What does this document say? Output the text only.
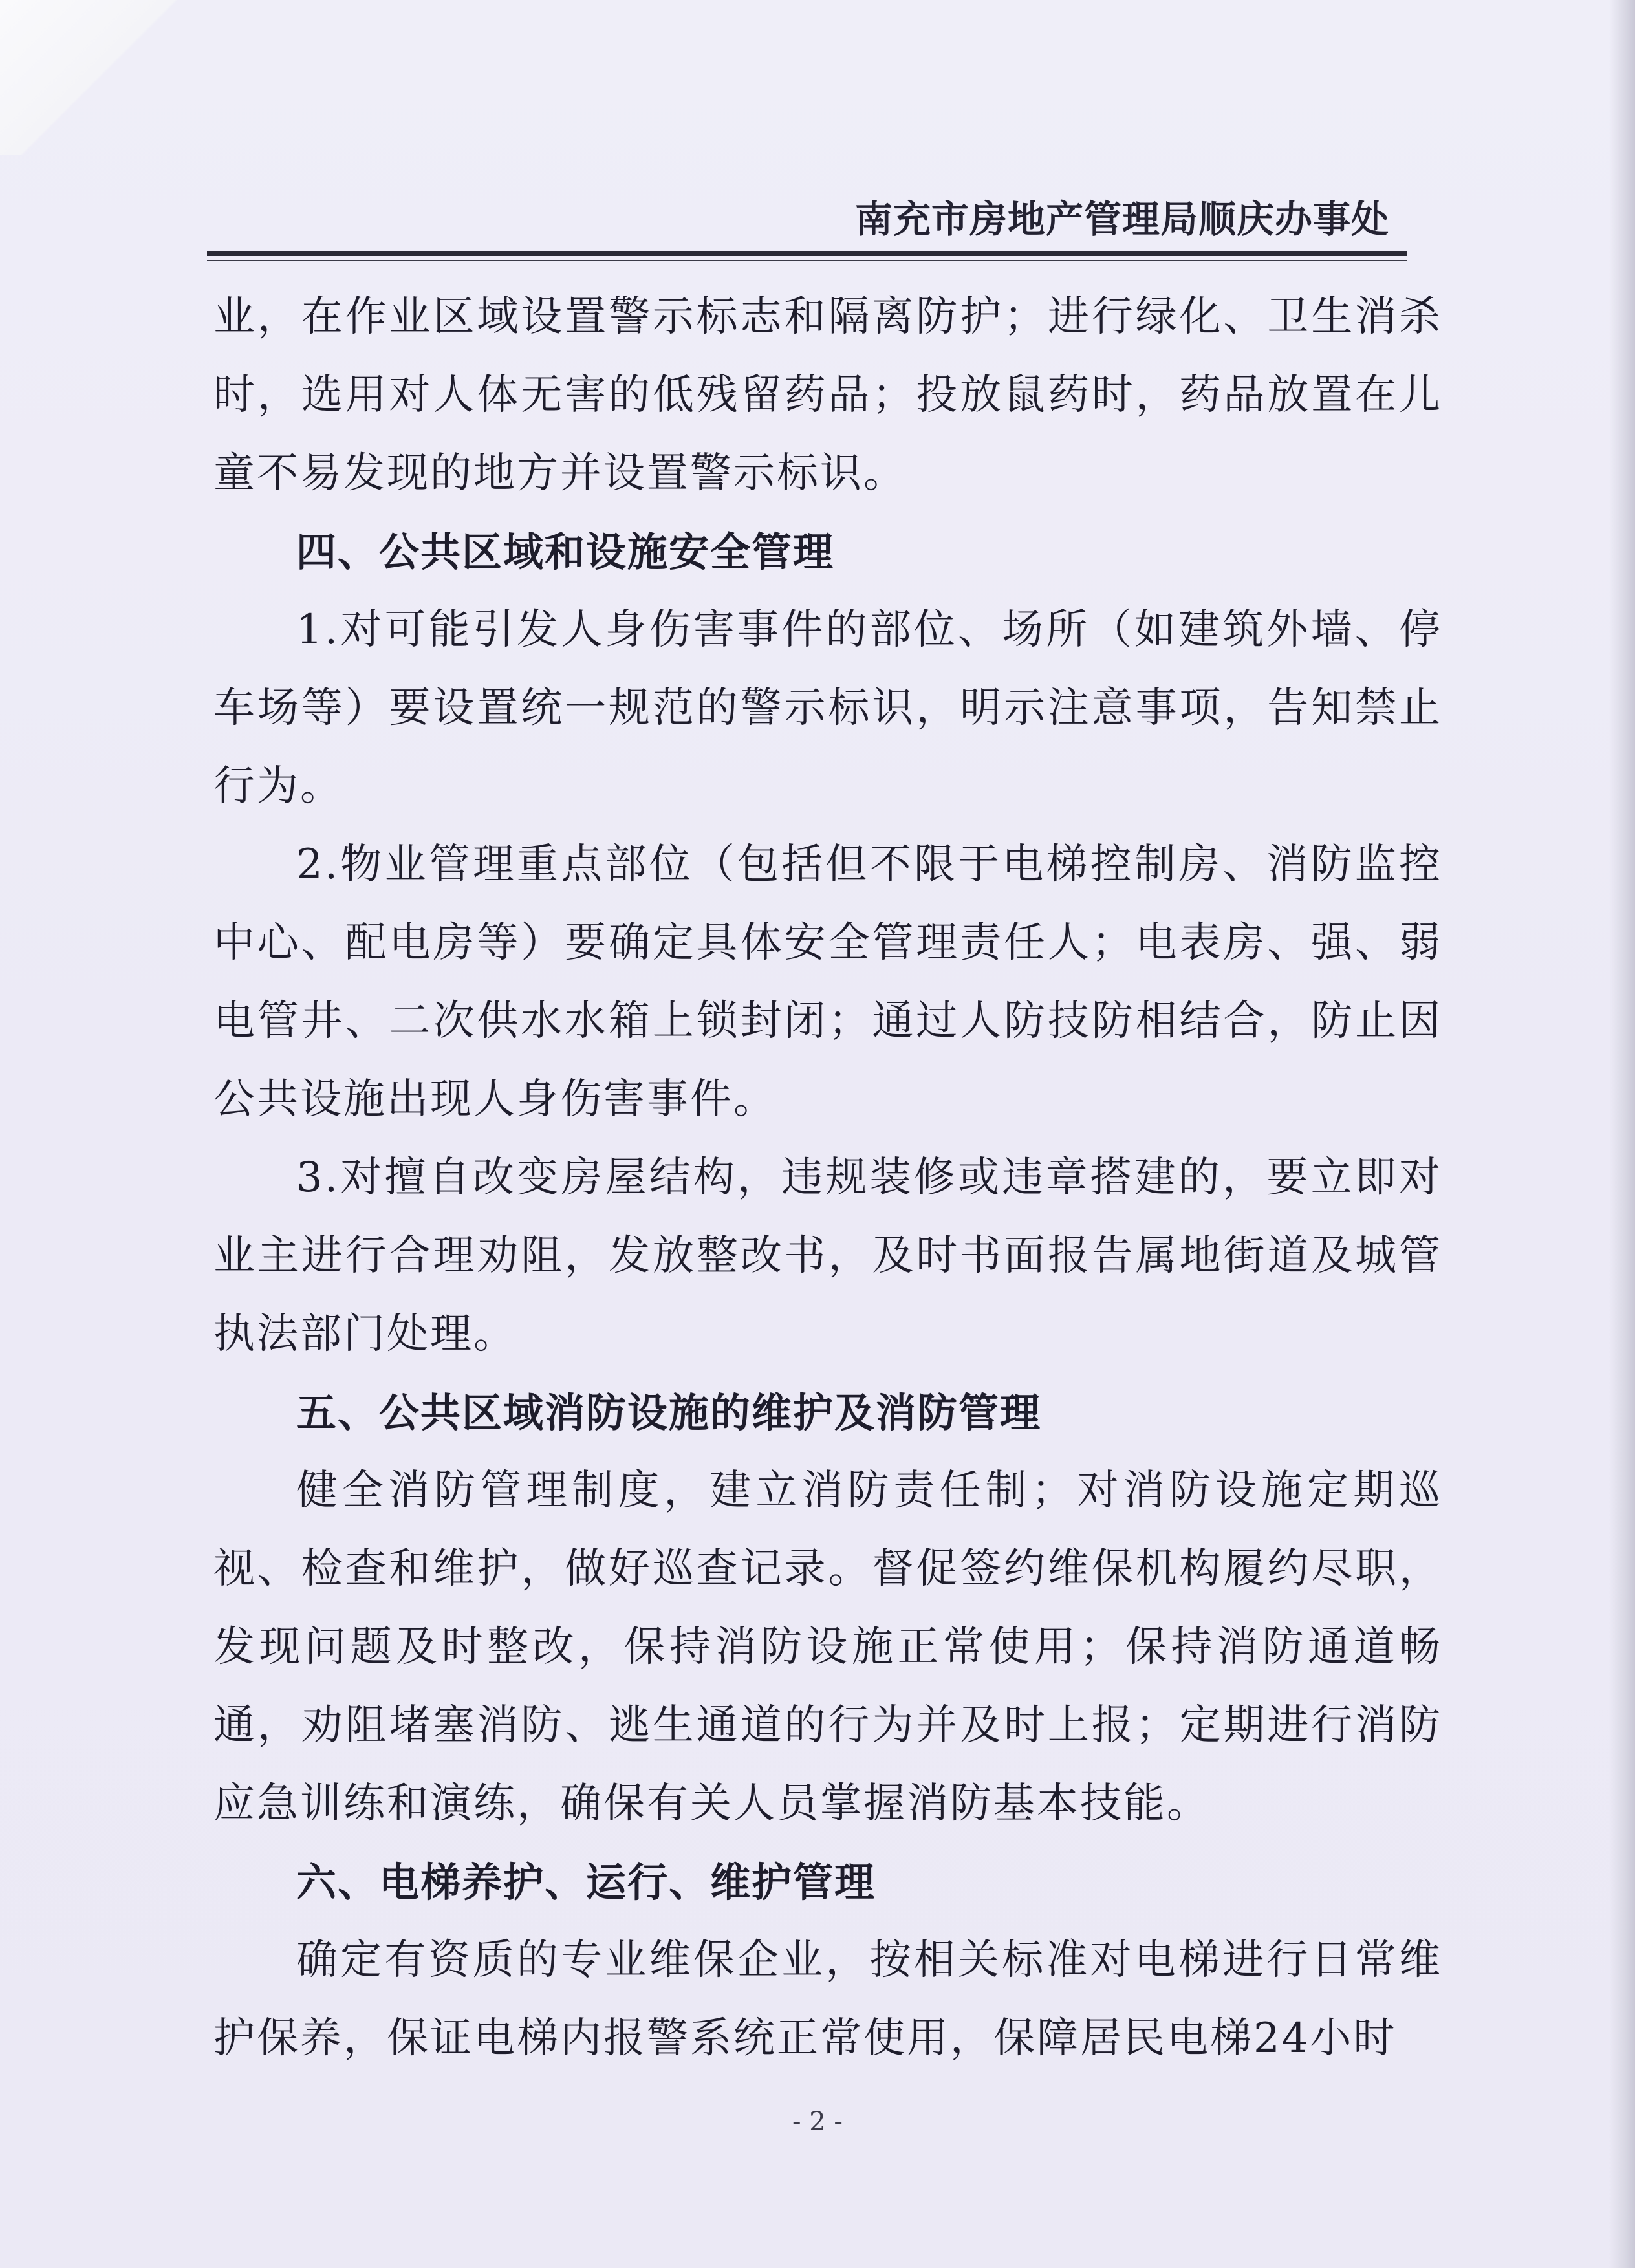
南充市房地产管理局顺庆办事处

业，在作业区域设置警示标志和隔离防护；进行绿化、卫生消杀时，选用对人体无害的低残留药品；投放鼠药时，药品放置在儿童不易发现的地方并设置警示标识。

四、公共区域和设施安全管理

1.对可能引发人身伤害事件的部位、场所（如建筑外墙、停车场等）要设置统一规范的警示标识，明示注意事项，告知禁止行为。

2.物业管理重点部位（包括但不限于电梯控制房、消防监控中心、配电房等）要确定具体安全管理责任人；电表房、强、弱电管井、二次供水水箱上锁封闭；通过人防技防相结合，防止因公共设施出现人身伤害事件。

3.对擅自改变房屋结构，违规装修或违章搭建的，要立即对业主进行合理劝阻，发放整改书，及时书面报告属地街道及城管执法部门处理。

五、公共区域消防设施的维护及消防管理

健全消防管理制度，建立消防责任制；对消防设施定期巡视、检查和维护，做好巡查记录。督促签约维保机构履约尽职，发现问题及时整改，保持消防设施正常使用；保持消防通道畅通，劝阻堵塞消防、逃生通道的行为并及时上报；定期进行消防应急训练和演练，确保有关人员掌握消防基本技能。

六、电梯养护、运行、维护管理

确定有资质的专业维保企业，按相关标准对电梯进行日常维护保养，保证电梯内报警系统正常使用，保障居民电梯24小时

- 2 -
